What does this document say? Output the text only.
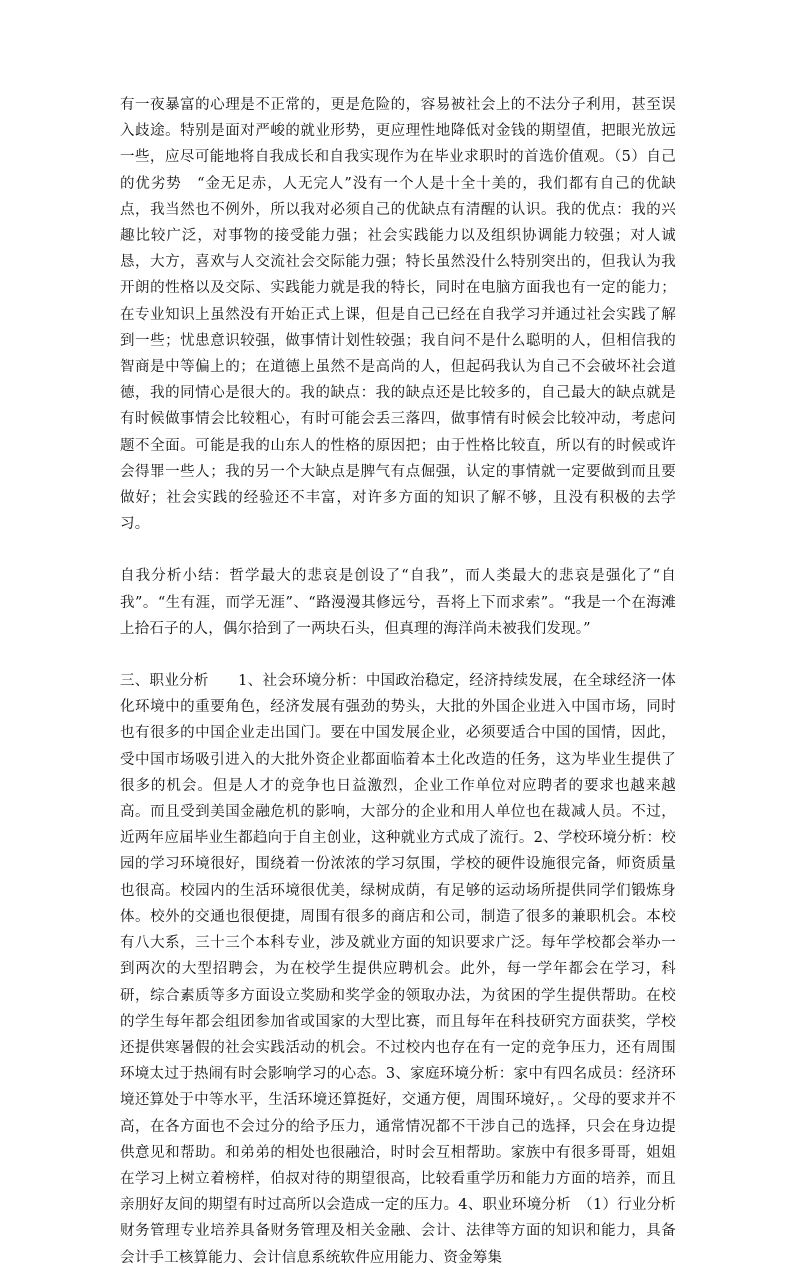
有一夜暴富的心理是不正常的，更是危险的，容易被社会上的不法分子利用，甚至误入歧途。特别是面对严峻的就业形势，更应理性地降低对金钱的期望值，把眼光放远一些，应尽可能地将自我成长和自我实现作为在毕业求职时的首选价值观。（5）自己的优劣势　“金无足赤，人无完人”没有一个人是十全十美的，我们都有自己的优缺点，我当然也不例外，所以我对必须自己的优缺点有清醒的认识。我的优点：我的兴趣比较广泛，对事物的接受能力强；社会实践能力以及组织协调能力较强；对人诚恳，大方，喜欢与人交流社会交际能力强；特长虽然没什么特别突出的，但我认为我开朗的性格以及交际、实践能力就是我的特长，同时在电脑方面我也有一定的能力；在专业知识上虽然没有开始正式上课，但是自己已经在自我学习并通过社会实践了解到一些；忧患意识较强，做事情计划性较强；我自问不是什么聪明的人，但相信我的智商是中等偏上的；在道德上虽然不是高尚的人，但起码我认为自己不会破坏社会道德，我的同情心是很大的。我的缺点：我的缺点还是比较多的，自己最大的缺点就是有时候做事情会比较粗心，有时可能会丢三落四，做事情有时候会比较冲动，考虑问题不全面。可能是我的山东人的性格的原因把；由于性格比较直，所以有的时候或许会得罪一些人；我的另一个大缺点是脾气有点倔强，认定的事情就一定要做到而且要做好；社会实践的经验还不丰富，对许多方面的知识了解不够，且没有积极的去学习。

自我分析小结：哲学最大的悲哀是创设了“自我”，而人类最大的悲哀是强化了“自我”。“生有涯，而学无涯”、“路漫漫其修远兮，吾将上下而求索”。“我是一个在海滩上拾石子的人，偶尔拾到了一两块石头，但真理的海洋尚未被我们发现。”

三、职业分析　　1、社会环境分析：中国政治稳定，经济持续发展，在全球经济一体化环境中的重要角色，经济发展有强劲的势头，大批的外国企业进入中国市场，同时也有很多的中国企业走出国门。要在中国发展企业，必须要适合中国的国情，因此，受中国市场吸引进入的大批外资企业都面临着本土化改造的任务，这为毕业生提供了很多的机会。但是人才的竞争也日益激烈，企业工作单位对应聘者的要求也越来越高。而且受到美国金融危机的影响，大部分的企业和用人单位也在裁减人员。不过，近两年应届毕业生都趋向于自主创业，这种就业方式成了流行。2、学校环境分析：校园的学习环境很好，围绕着一份浓浓的学习氛围，学校的硬件设施很完备，师资质量也很高。校园内的生活环境很优美，绿树成荫，有足够的运动场所提供同学们锻炼身体。校外的交通也很便捷，周围有很多的商店和公司，制造了很多的兼职机会。本校有八大系，三十三个本科专业，涉及就业方面的知识要求广泛。每年学校都会举办一到两次的大型招聘会，为在校学生提供应聘机会。此外，每一学年都会在学习，科研，综合素质等多方面设立奖励和奖学金的领取办法，为贫困的学生提供帮助。在校的学生每年都会组团参加省或国家的大型比赛，而且每年在科技研究方面获奖，学校还提供寒暑假的社会实践活动的机会。不过校内也存在有一定的竞争压力，还有周围环境太过于热闹有时会影响学习的心态。3、家庭环境分析：家中有四名成员：经济环境还算处于中等水平，生活环境还算挺好，交通方便，周围环境好，。父母的要求并不高，在各方面也不会过分的给予压力，通常情况都不干涉自己的选择，只会在身边提供意见和帮助。和弟弟的相处也很融洽，时时会互相帮助。家族中有很多哥哥，姐姐在学习上树立着榜样，伯叔对待的期望很高，比较看重学历和能力方面的培养，而且亲朋好友间的期望有时过高所以会造成一定的压力。4、职业环境分析　（1）行业分析　财务管理专业培养具备财务管理及相关金融、会计、法律等方面的知识和能力，具备会计手工核算能力、会计信息系统软件应用能力、资金筹集
